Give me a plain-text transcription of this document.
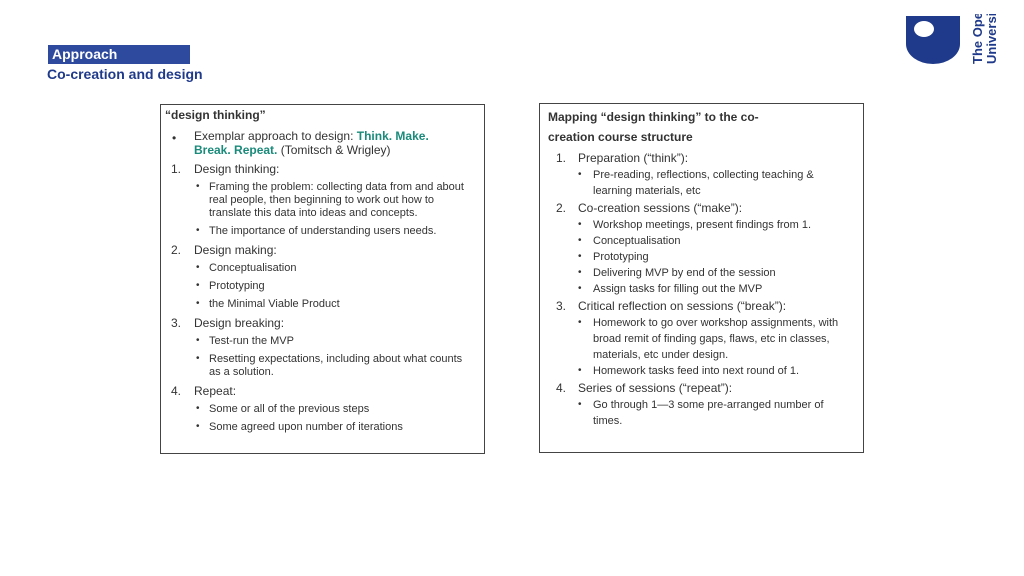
Approach
Co-creation and design
The Open University
“design thinking”
• Exemplar approach to design: Think. Make.
Break. Repeat. (Tomitsch & Wrigley)
1. Design thinking:
• Framing the problem: collecting data from and about
real people, then beginning to work out how to
translate this data into ideas and concepts.
• The importance of understanding users needs.
2. Design making:
• Conceptualisation
• Prototyping
• the Minimal Viable Product
3. Design breaking:
• Test-run the MVP
• Resetting expectations, including about what counts
as a solution.
4. Repeat:
• Some or all of the previous steps
• Some agreed upon number of iterations
Mapping “design thinking” to the co-
creation course structure
1. Preparation (“think”):
• Pre-reading, reflections, collecting teaching &
learning materials, etc
2. Co-creation sessions (“make”):
• Workshop meetings, present findings from 1.
• Conceptualisation
• Prototyping
• Delivering MVP by end of the session
• Assign tasks for filling out the MVP
3. Critical reflection on sessions (“break”):
• Homework to go over workshop assignments, with
broad remit of finding gaps, flaws, etc in classes,
materials, etc under design.
• Homework tasks feed into next round of 1.
4. Series of sessions (“repeat”):
• Go through 1—3 some pre-arranged number of
times.
